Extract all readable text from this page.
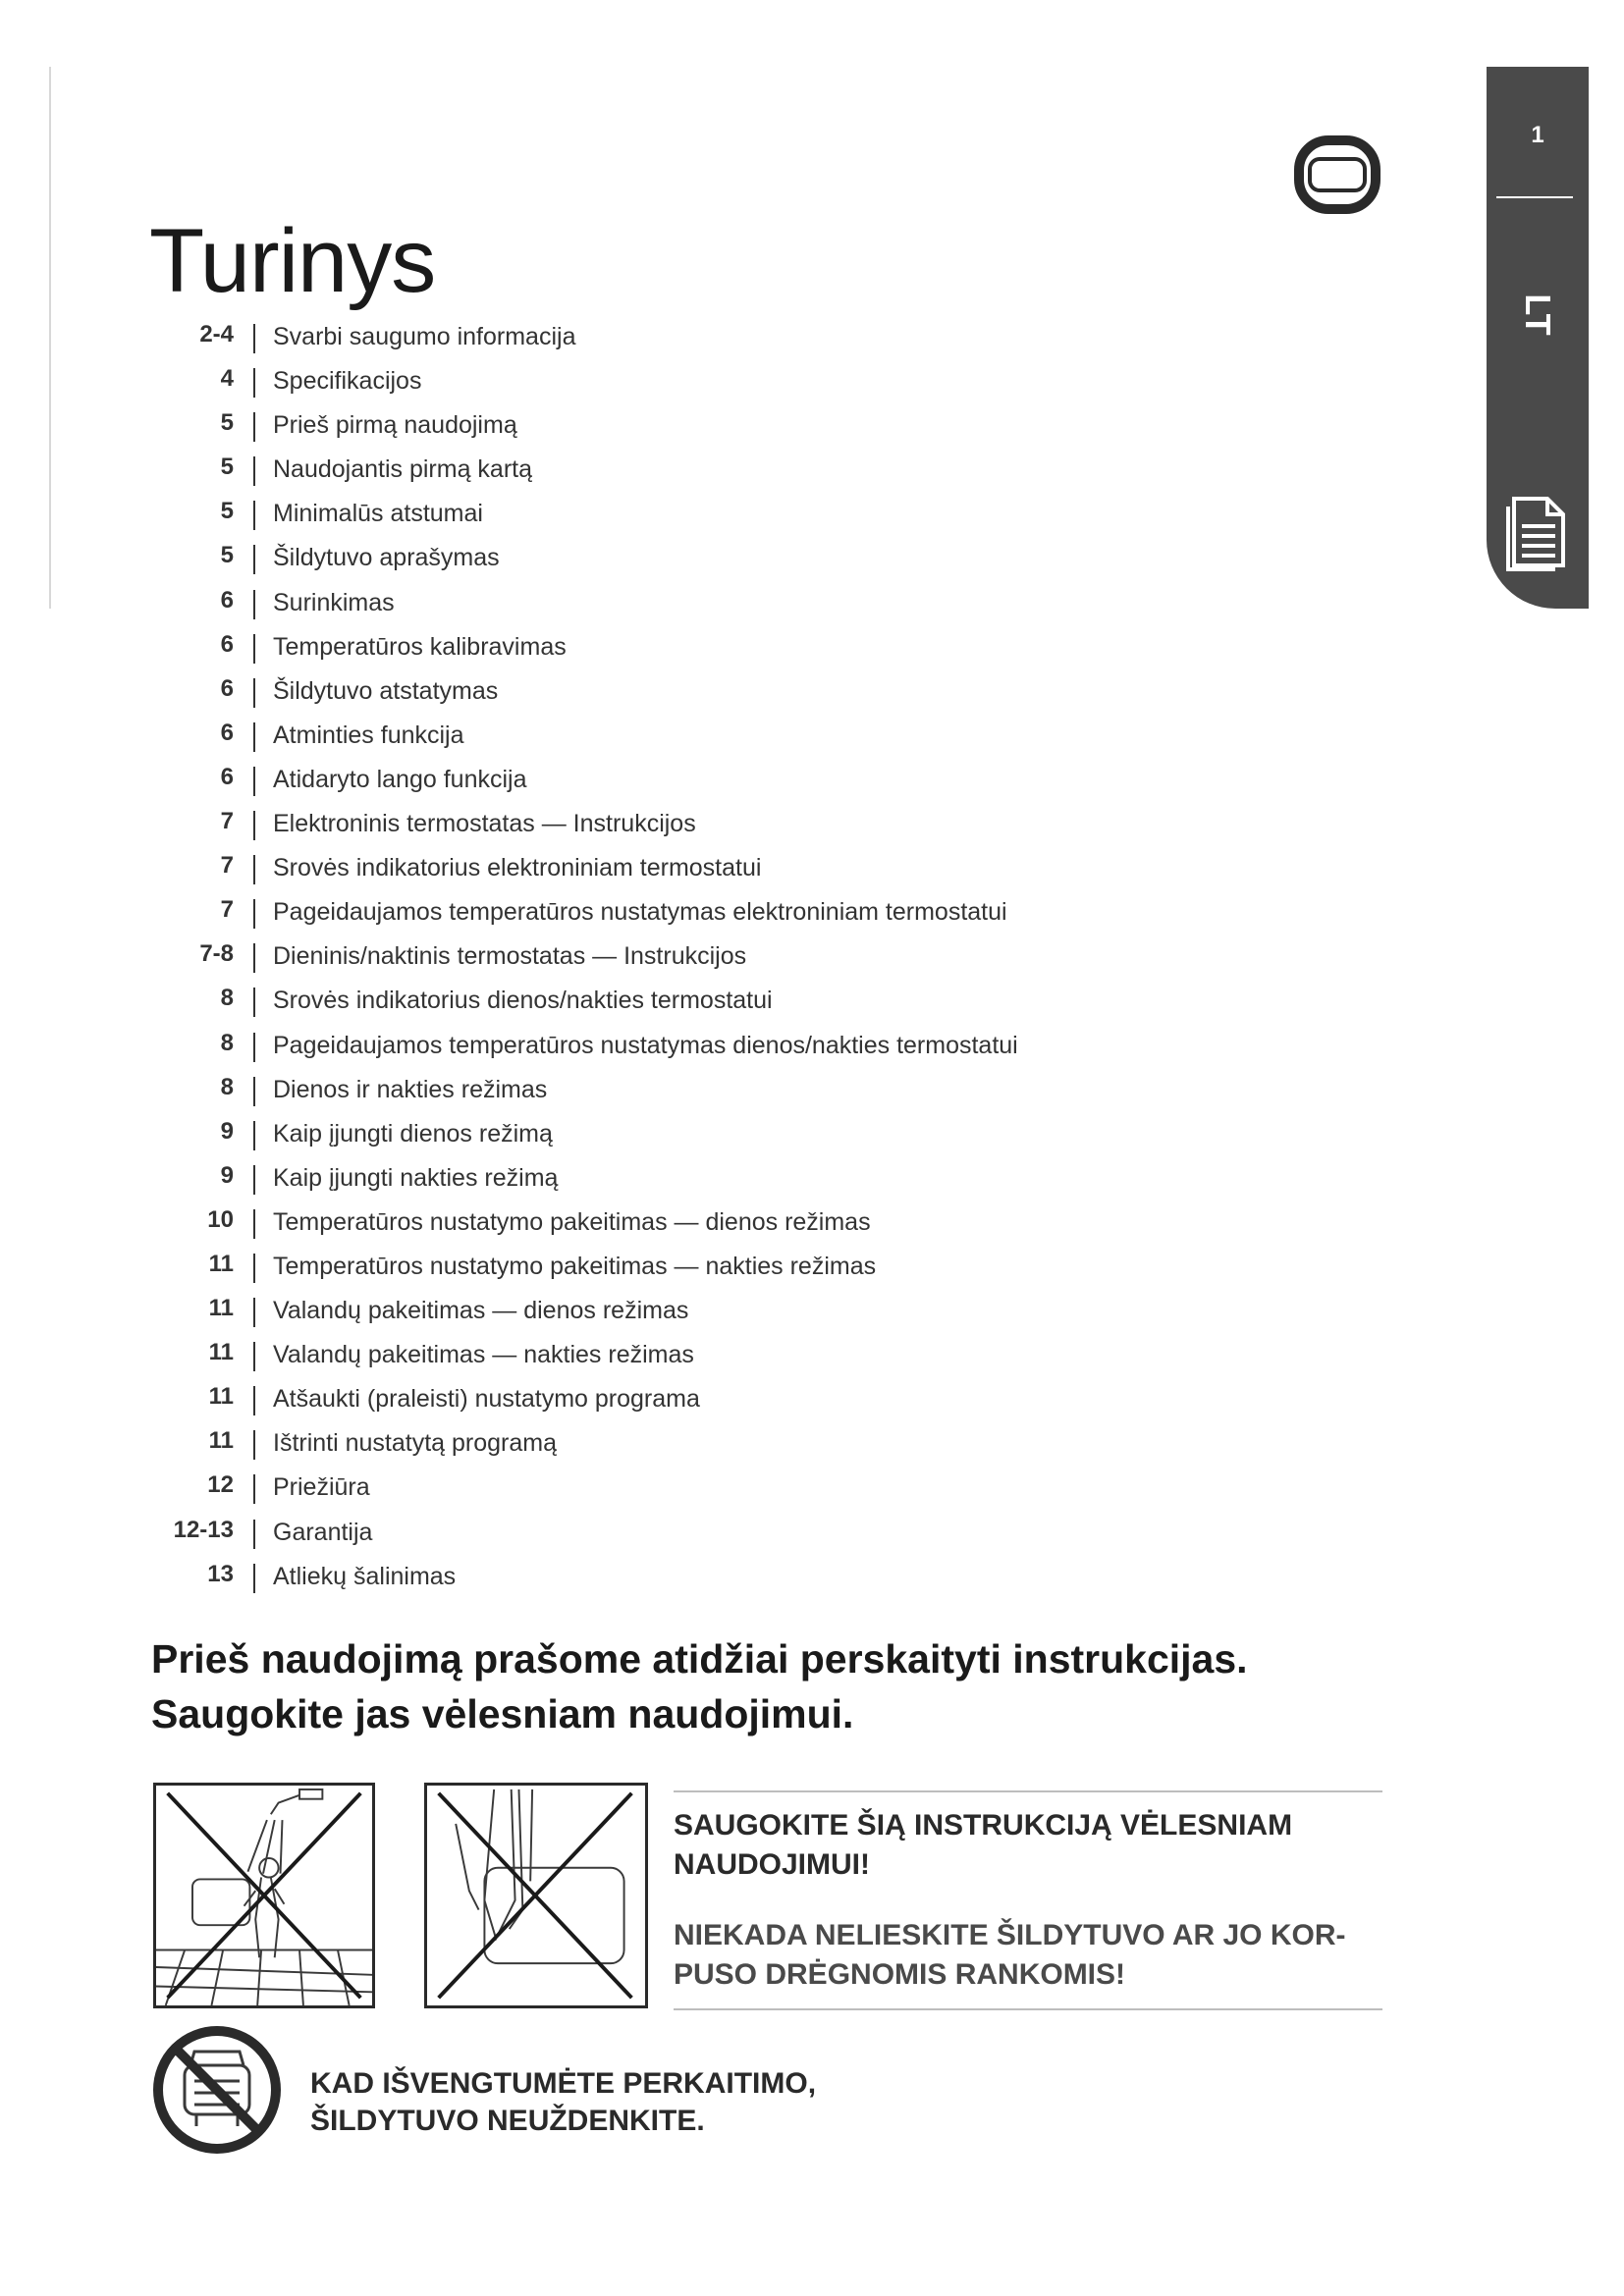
1
LT
Turinys
2-4 Svarbi saugumo informacija
4 Specifikacijos
5 Prieš pirmą naudojimą
5 Naudojantis pirmą kartą
5 Minimalūs atstumai
5 Šildytuvo aprašymas
6 Surinkimas
6 Temperatūros kalibravimas
6 Šildytuvo atstatymas
6 Atminties funkcija
6 Atidaryto lango funkcija
7 Elektroninis termostatas — Instrukcijos
7 Srovės indikatorius elektroniniam termostatui
7 Pageidaujamos temperatūros nustatymas elektroniniam termostatui
7-8 Dieninis/naktinis termostatas — Instrukcijos
8 Srovės indikatorius dienos/nakties termostatui
8 Pageidaujamos temperatūros nustatymas dienos/nakties termostatui
8 Dienos ir nakties režimas
9 Kaip įjungti dienos režimą
9 Kaip įjungti nakties režimą
10 Temperatūros nustatymo pakeitimas — dienos režimas
11 Temperatūros nustatymo pakeitimas — nakties režimas
11 Valandų pakeitimas — dienos režimas
11 Valandų pakeitimas — nakties režimas
11 Atšaukti (praleisti) nustatymo programa
11 Ištrinti nustatytą programą
12 Priežiūra
12-13 Garantija
13 Atliekų šalinimas

Prieš naudojimą prašome atidžiai perskaityti instrukcijas.
Saugokite jas vėlesniam naudojimui.

SAUGOKITE ŠIĄ INSTRUKCIJĄ VĖLESNIAM NAUDOJIMUI!

NIEKADA NELIESKITE ŠILDYTUVO AR JO KOR-PUSO DRĖGNOMIS RANKOMIS!

KAD IŠVENGTUMĖTE PERKAITIMO,
ŠILDYTUVO NEUŽDENKITE.
